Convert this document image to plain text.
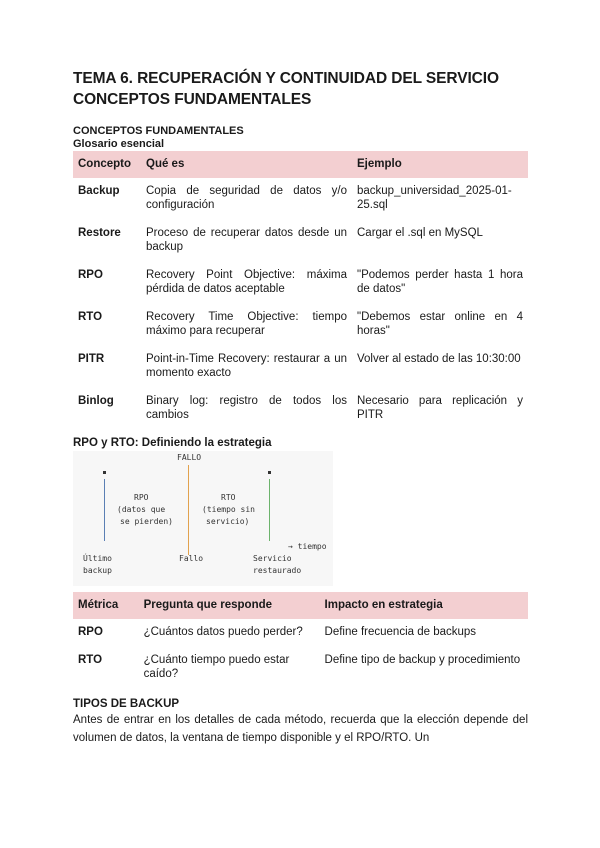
TEMA 6. RECUPERACIÓN Y CONTINUIDAD DEL SERVICIO
CONCEPTOS FUNDAMENTALES
CONCEPTOS FUNDAMENTALES
Glosario esencial
Concepto	Qué es	Ejemplo
Backup	Copia de seguridad de datos y/o configuración	backup_universidad_2025-01-25.sql
Restore	Proceso de recuperar datos desde un backup	Cargar el .sql en MySQL
RPO	Recovery Point Objective: máxima pérdida de datos aceptable	"Podemos perder hasta 1 hora de datos"
RTO	Recovery Time Objective: tiempo máximo para recuperar	"Debemos estar online en 4 horas"
PITR	Point-in-Time Recovery: restaurar a un momento exacto	Volver al estado de las 10:30:00
Binlog	Binary log: registro de todos los cambios	Necesario para replicación y PITR
RPO y RTO: Definiendo la estrategia
FALLO
RPO
(datos que
se pierden)
RTO
(tiempo sin
servicio)
→ tiempo
Último
backup
Fallo	Servicio
restaurado
Métrica	Pregunta que responde	Impacto en estrategia
RPO	¿Cuántos datos puedo perder?	Define frecuencia de backups
RTO	¿Cuánto tiempo puedo estar caído?	Define tipo de backup y procedimiento
TIPOS DE BACKUP

Antes de entrar en los detalles de cada método, recuerda que la elección depende del volumen de datos, la ventana de tiempo disponible y el RPO/RTO. Un
